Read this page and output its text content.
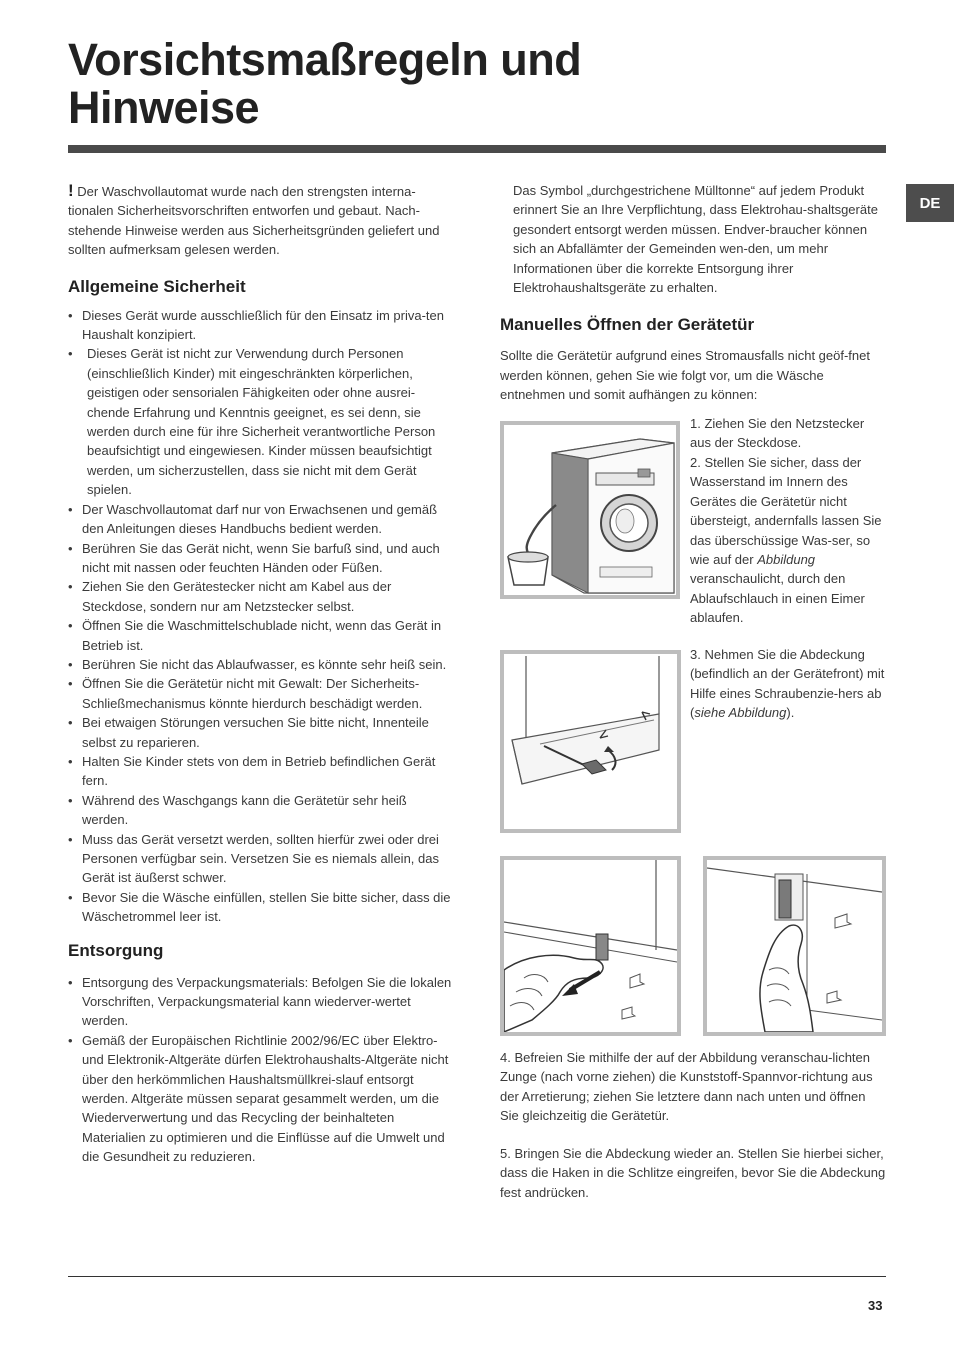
Vorsichtsmaßregeln und
Hinweise
DE

! Der Waschvollautomat wurde nach den strengsten interna-tionalen Sicherheitsvorschriften entworfen und gebaut. Nach-stehende Hinweise werden aus Sicherheitsgründen geliefert und sollten aufmerksam gelesen werden.

Allgemeine Sicherheit
• Dieses Gerät wurde ausschließlich für den Einsatz im priva-ten Haushalt konzipiert.
• Dieses Gerät ist nicht zur Verwendung durch Personen (einschließlich Kinder) mit eingeschränkten körperlichen, geistigen oder sensorialen Fähigkeiten oder ohne ausrei-chende Erfahrung und Kenntnis geeignet, es sei denn, sie werden durch eine für ihre Sicherheit verantwortliche Person beaufsichtigt und eingewiesen. Kinder müssen beaufsichtigt werden, um sicherzustellen, dass sie nicht mit dem Gerät spielen.
• Der Waschvollautomat darf nur von Erwachsenen und gemäß den Anleitungen dieses Handbuchs bedient werden.
• Berühren Sie das Gerät nicht, wenn Sie barfuß sind, und auch nicht mit nassen oder feuchten Händen oder Füßen.
• Ziehen Sie den Gerätestecker nicht am Kabel aus der Steckdose, sondern nur am Netzstecker selbst.
• Öffnen Sie die Waschmittelschublade nicht, wenn das Gerät in Betrieb ist.
• Berühren Sie nicht das Ablaufwasser, es könnte sehr heiß sein.
• Öffnen Sie die Gerätetür nicht mit Gewalt: Der Sicherheits-Schließmechanismus könnte hierdurch beschädigt werden.
• Bei etwaigen Störungen versuchen Sie bitte nicht, Innenteile selbst zu reparieren.
• Halten Sie Kinder stets von dem in Betrieb befindlichen Gerät fern.
• Während des Waschgangs kann die Gerätetür sehr heiß werden.
• Muss das Gerät versetzt werden, sollten hierfür zwei oder drei Personen verfügbar sein. Versetzen Sie es niemals allein, das Gerät ist äußerst schwer.
• Bevor Sie die Wäsche einfüllen, stellen Sie bitte sicher, dass die Wäschetrommel leer ist.
Entsorgung
• Entsorgung des Verpackungsmaterials: Befolgen Sie die lokalen Vorschriften, Verpackungsmaterial kann wiederver-wertet werden.
• Gemäß der Europäischen Richtlinie 2002/96/EC über Elektro- und Elektronik-Altgeräte dürfen Elektrohaushalts-Altgeräte nicht über den herkömmlichen Haushaltsmüllkrei-slauf entsorgt werden. Altgeräte müssen separat gesammelt werden, um die Wiederverwertung und das Recycling der beinhalteten Materialien zu optimieren und die Einflüsse auf die Umwelt und die Gesundheit zu reduzieren.

Das Symbol „durchgestrichene Mülltonne“ auf jedem Produkt erinnert Sie an Ihre Verpflichtung, dass Elektrohau-shaltsgeräte gesondert entsorgt werden müssen. Endver-braucher können sich an Abfallämter der Gemeinden wen-den, um mehr Informationen über die korrekte Entsorgung ihrer Elektrohaushaltsgeräte zu erhalten.

Manuelles Öffnen der Gerätetür

Sollte die Gerätetür aufgrund eines Stromausfalls nicht geöf-fnet werden können, gehen Sie wie folgt vor, um die Wäsche entnehmen und somit aufhängen zu können:

1. Ziehen Sie den Netzstecker aus der Steckdose.
2. Stellen Sie sicher, dass der Wasserstand im Innern des Gerätes die Gerätetür nicht übersteigt, andernfalls lassen Sie das überschüssige Was-ser, so wie auf der Abbildung veranschaulicht, durch den Ablaufschlauch in einen Eimer ablaufen.
3. Nehmen Sie die Abdeckung (befindlich an der Gerätefront) mit Hilfe eines Schraubenzie-hers ab (siehe Abbildung).
4. Befreien Sie mithilfe der auf der Abbildung veranschau-lichten Zunge (nach vorne ziehen) die Kunststoff-Spannvor-richtung aus der Arretierung; ziehen Sie letztere dann nach unten und öffnen Sie gleichzeitig die Gerätetür.
5. Bringen Sie die Abdeckung wieder an. Stellen Sie hierbei sicher, dass die Haken in die Schlitze eingreifen, bevor Sie die Abdeckung fest andrücken.
33
